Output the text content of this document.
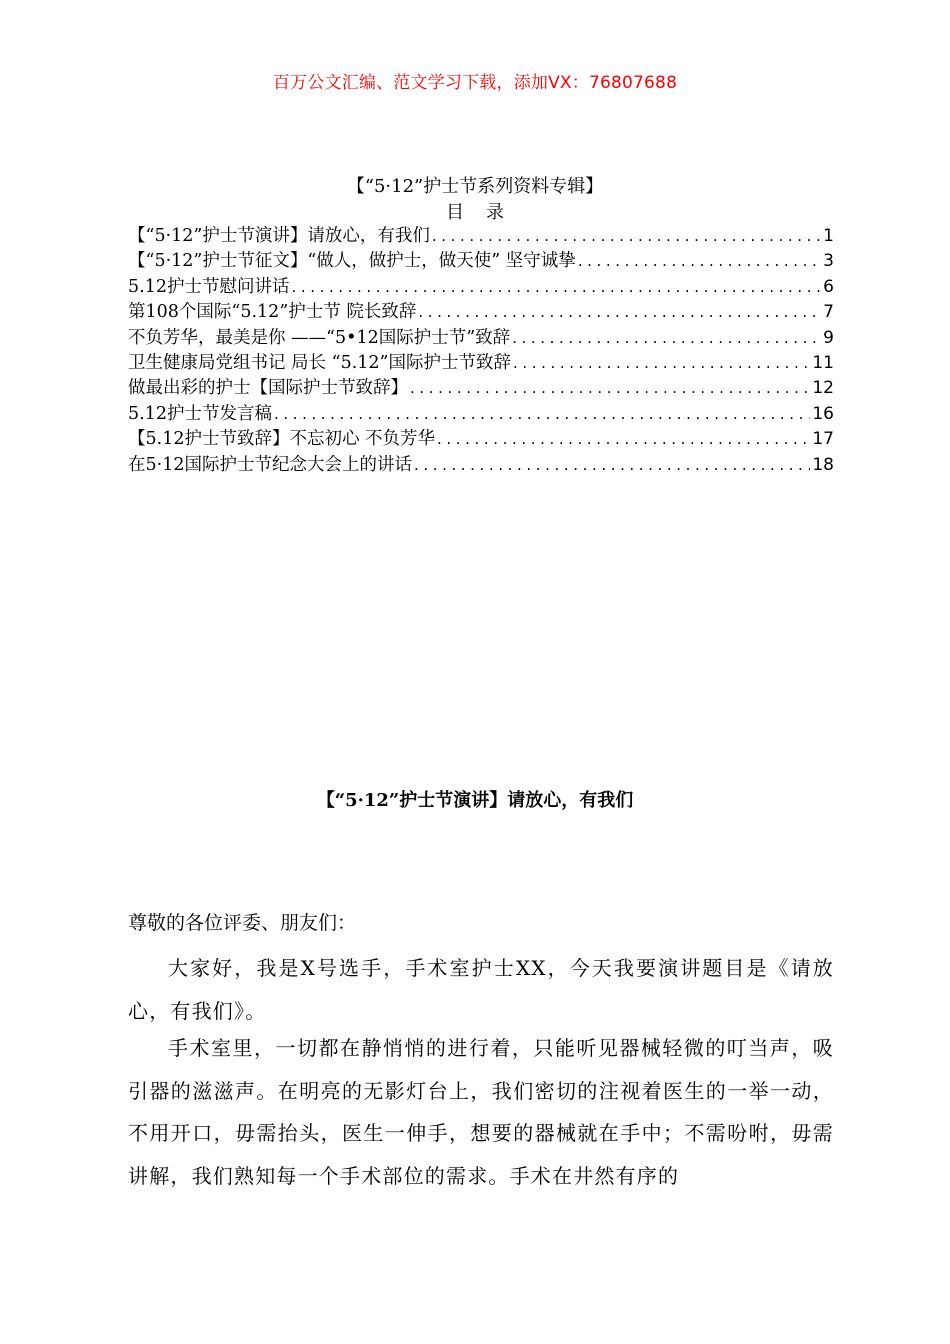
百万公文汇编、范文学习下载，添加VX：76807688
【“5·12”护士节系列资料专辑】
目录
【“5·12”护士节演讲】请放心，有我们 .....	1
【“5·12”护士节征文】“做人，做护士，做天使” 坚守诚挚 .....	3
5.12护士节慰问讲话 .....	6
第108个国际“5.12”护士节 院长致辞 .....	7
不负芳华，最美是你 ——“5•12国际护士节”致辞 .....	9
卫生健康局党组书记 局长 “5.12”国际护士节致辞 .....	11
做最出彩的护士【国际护士节致辞】 .....	12
5.12护士节发言稿 .....	16
【5.12护士节致辞】不忘初心 不负芳华 .....	17
在5·12国际护士节纪念大会上的讲话 .....	18
【“5·12”护士节演讲】请放心，有我们
尊敬的各位评委、朋友们：

大家好，我是X号选手，手术室护士XX，今天我要演讲题目是《请放心，有我们》。

手术室里，一切都在静悄悄的进行着，只能听见器械轻微的叮当声，吸引器的滋滋声。在明亮的无影灯台上，我们密切的注视着医生的一举一动，不用开口，毋需抬头，医生一伸手，想要的器械就在手中；不需吩咐，毋需讲解，我们熟知每一个手术部位的需求。手术在井然有序的
